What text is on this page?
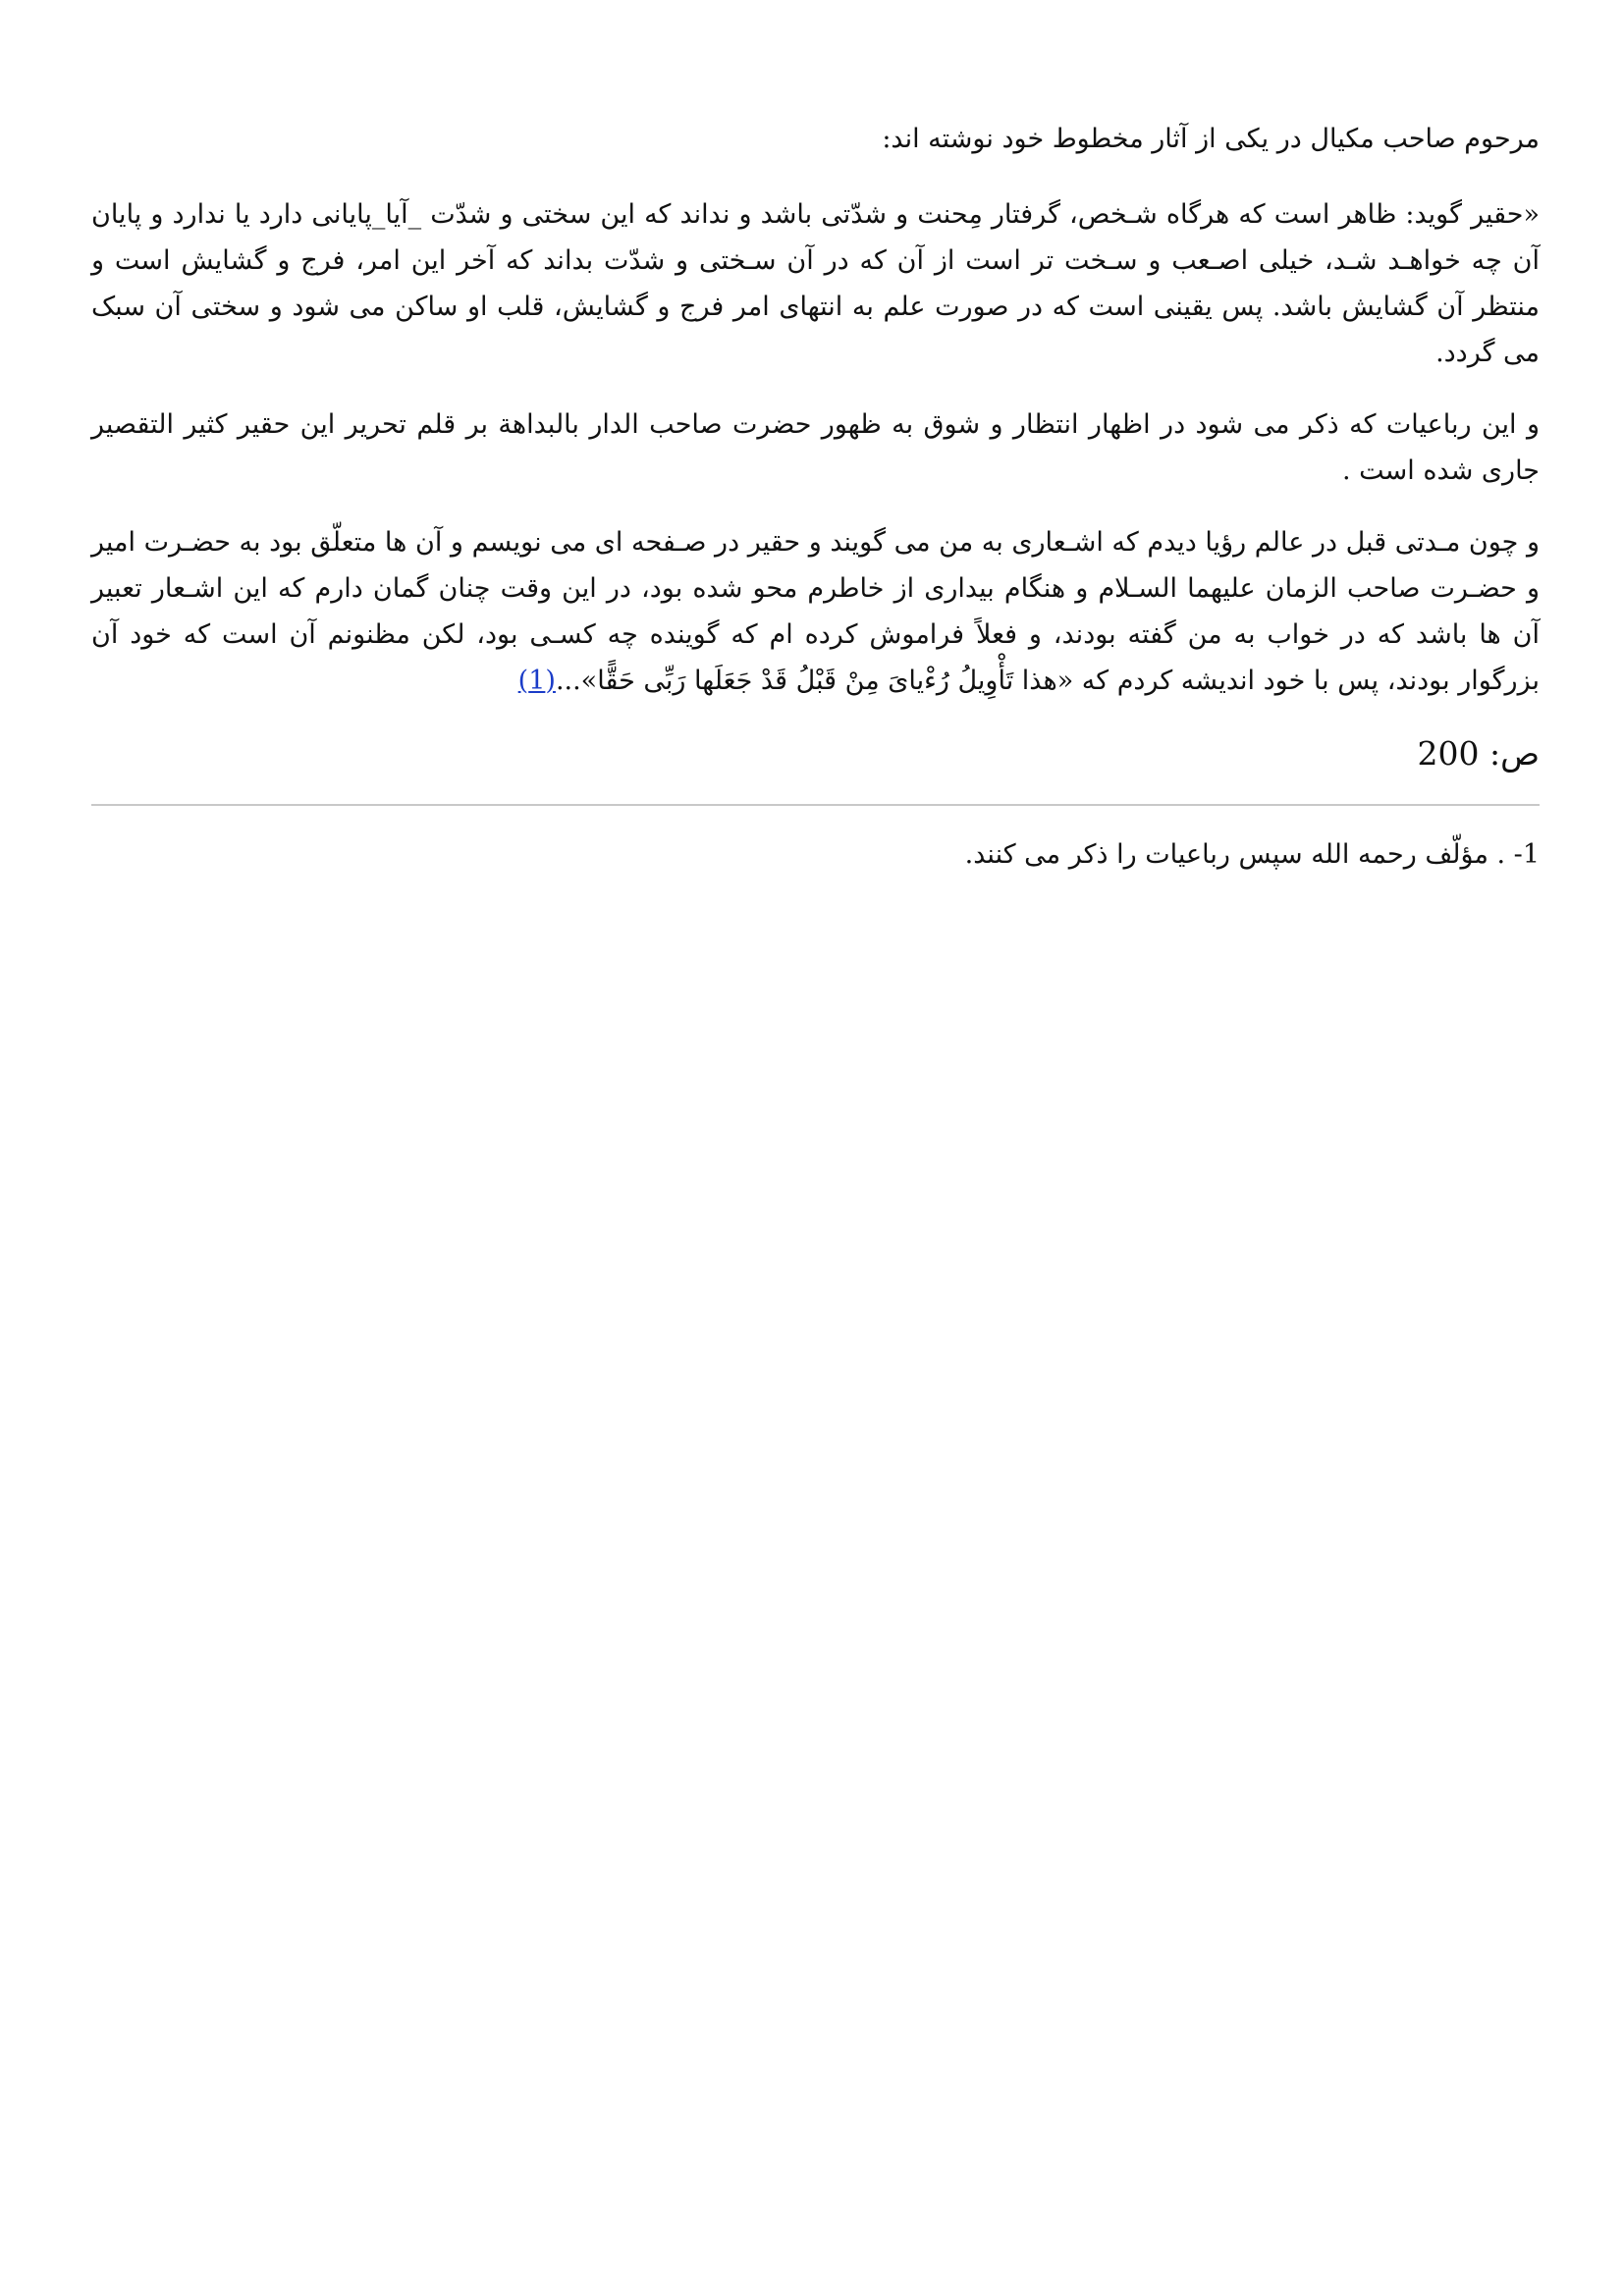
مرحوم صاحب مکیال در یکی از آثار مخطوط خود نوشته اند:

«حقیر گوید: ظاهر است که هرگاه شـخص، گرفتار مِحنت و شدّتی باشد و نداند که این سختی و شدّت _آیا_پایانی دارد یا ندارد و پایان آن چه خواهـد شـد، خیلی اصـعب و سـخت تر است از آن که در آن سـختی و شدّت بداند که آخر این امر، فرج و گشایش است و منتظر آن گشایش باشد. پس یقینی است که در صورت علم به انتهای امر فرج و گشایش، قلب او ساکن می شود و سختی آن سبک می گردد.

و این رباعیات که ذکر می شود در اظهار انتظار و شوق به ظهور حضرت صاحب الدار بالبداهة بر قلم تحریر این حقیر کثیر التقصیر جاری شده است .

و چون مـدتی قبل در عالم رؤیا دیدم که اشـعاری به من می گویند و حقیر در صـفحه ای می نویسم و آن ها متعلّق بود به حضـرت امیر و حضـرت صاحب الزمان علیهما السـلام و هنگام بیداری از خاطرم محو شده بود، در این وقت چنان گمان دارم که این اشـعار تعبیر آن ها باشد که در خواب به من گفته بودند، و فعلاً فراموش کرده ام که گوینده چه کسـی بود، لکن مظنونم آن است که خود آن بزرگوار بودند، پس با خود اندیشه کردم که «هذا تَأْوِیلُ رُءْیایَ مِنْ قَبْلُ قَدْ جَعَلَها رَبِّی حَقًّا»...(1)

ص: 200

1- . مؤلّف رحمه الله سپس رباعیات را ذکر می کنند.
